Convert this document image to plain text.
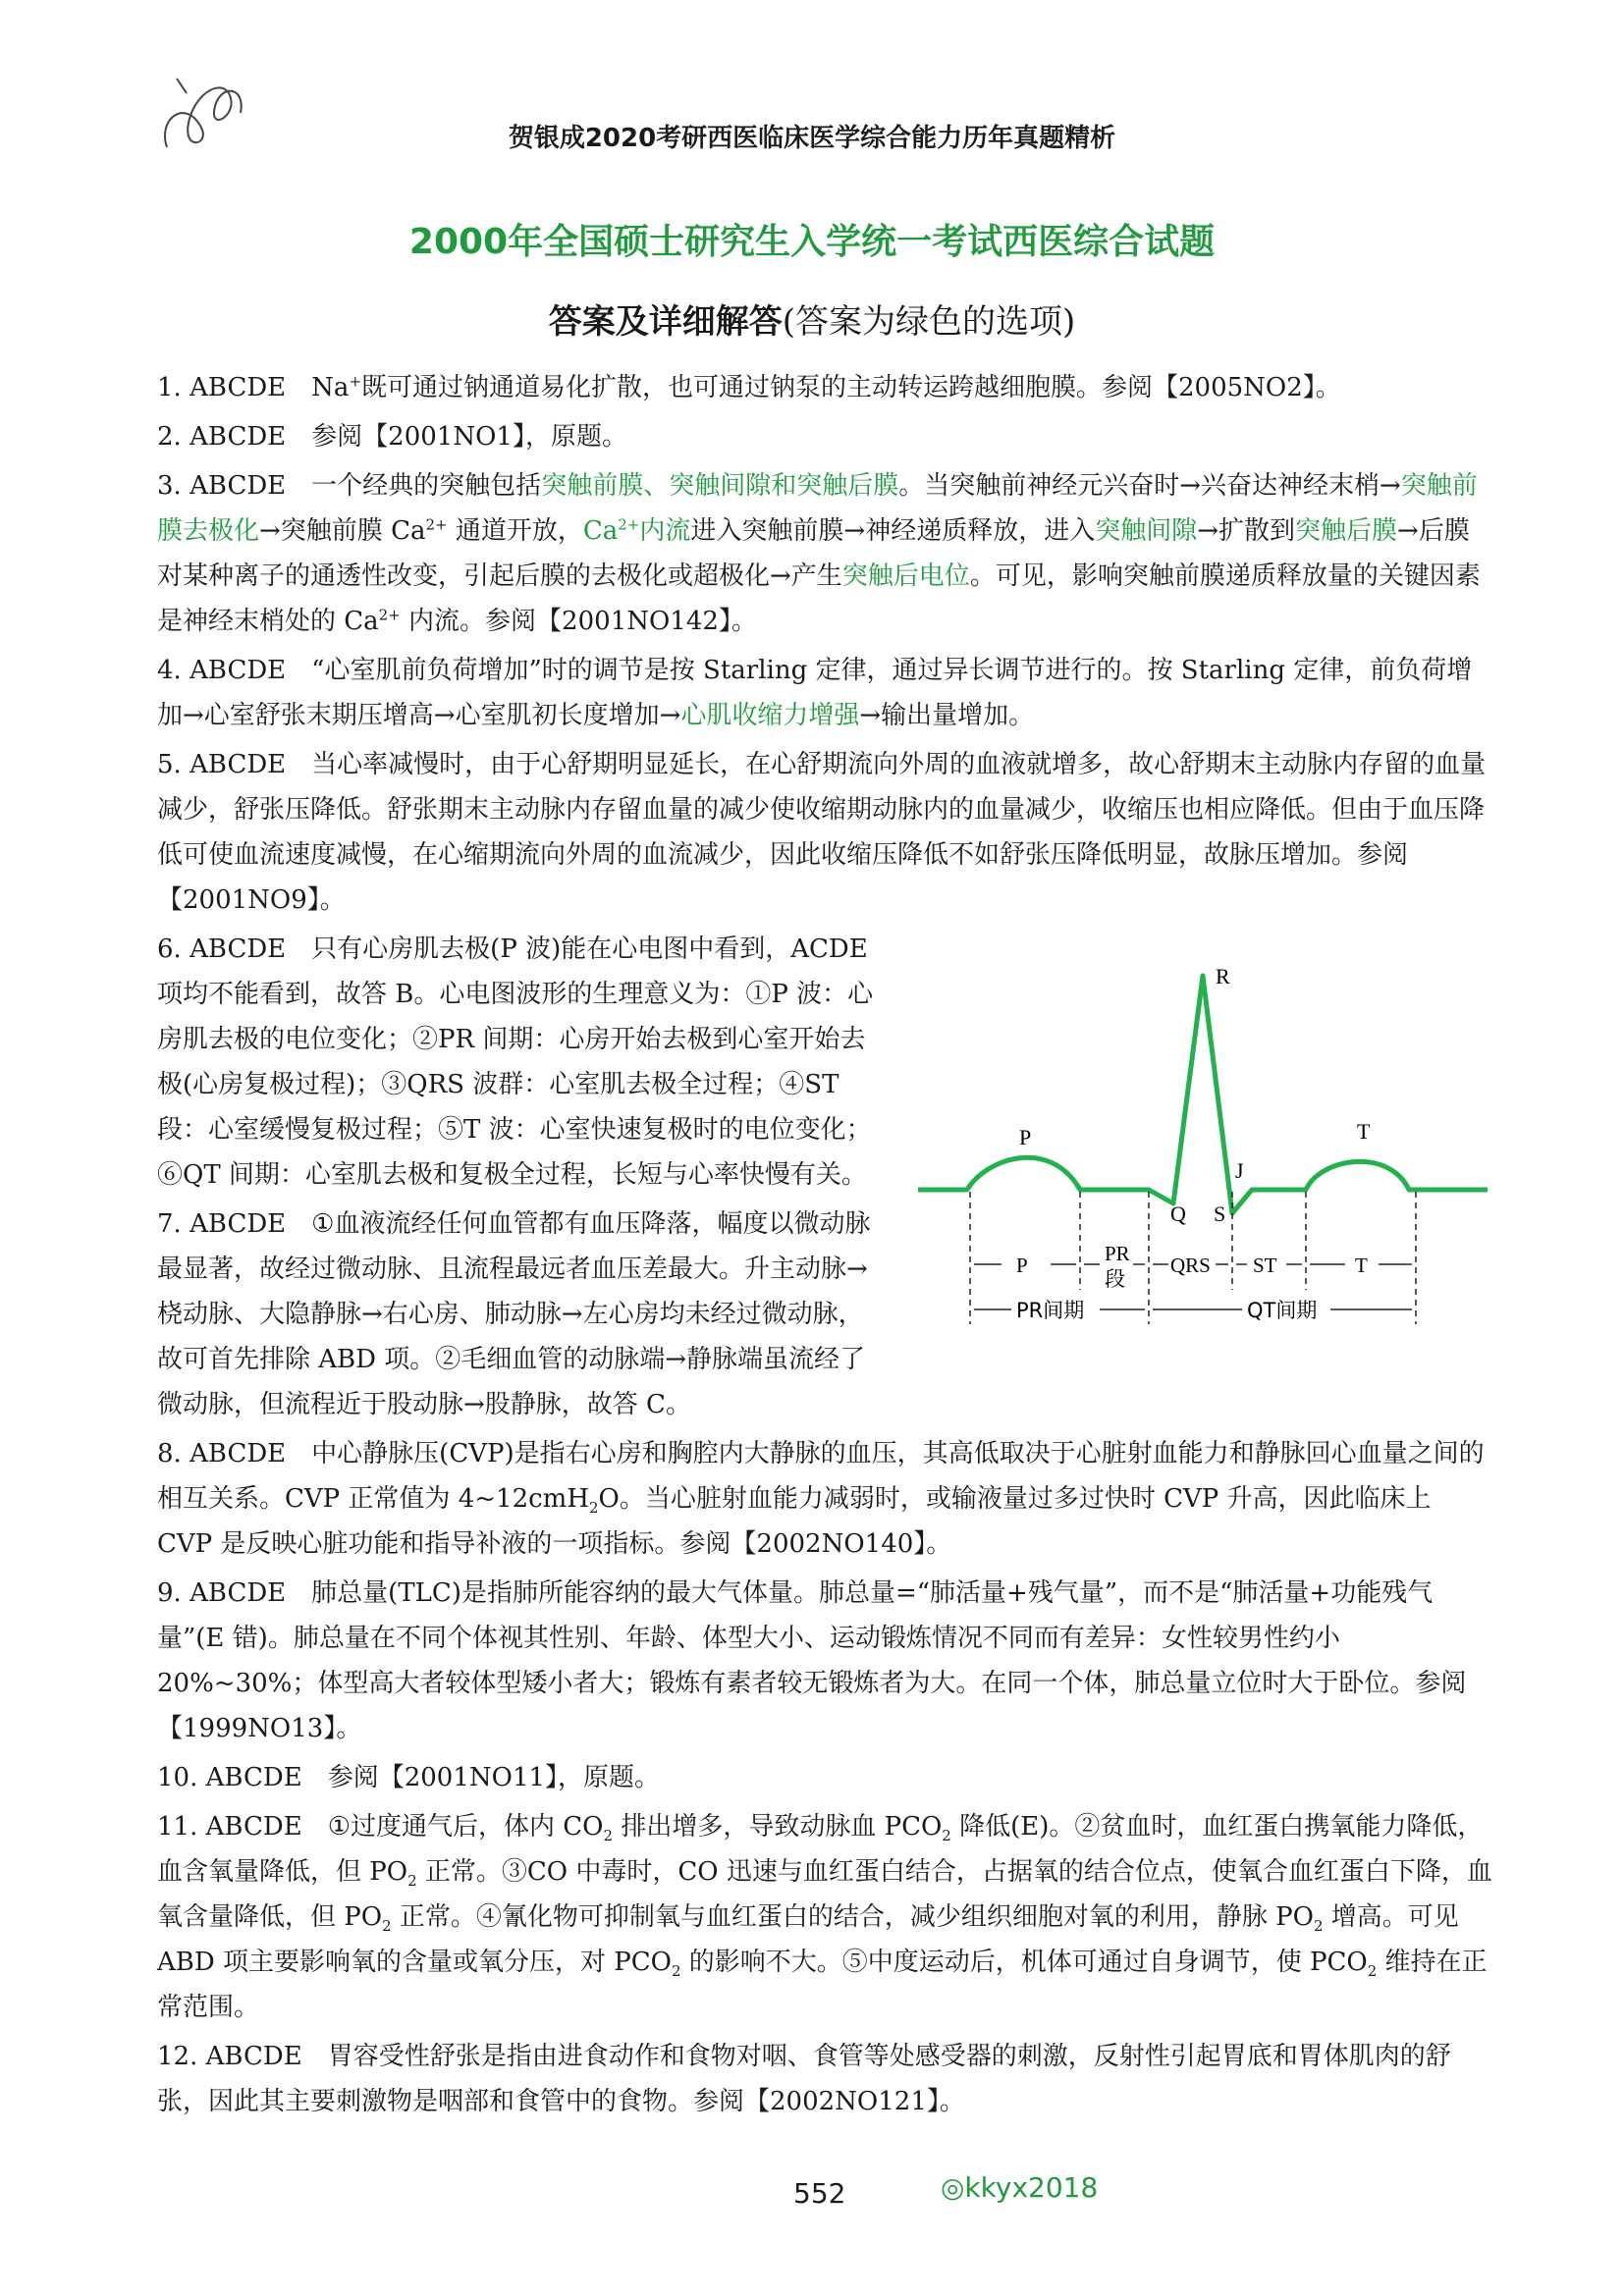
贺银成2020考研西医临床医学综合能力历年真题精析
2000年全国硕士研究生入学统一考试西医综合试题
答案及详细解答(答案为绿色的选项)
1. ABCDE Na+既可通过钠通道易化扩散，也可通过钠泵的主动转运跨越细胞膜。参阅【2005NO2】。
2. ABCDE 参阅【2001NO1】，原题。
3. ABCDE 一个经典的突触包括突触前膜、突触间隙和突触后膜。当突触前神经元兴奋时→兴奋达神经末梢→突触前膜去极化→突触前膜 $Ca^{2+}$ 通道开放，$Ca^{2+}$内流进入突触前膜→神经递质释放，进入突触间隙→扩散到突触后膜→后膜对某种离子的通透性改变，引起后膜的去极化或超极化→产生突触后电位。可见，影响突触前膜递质释放量的关键因素是神经末梢处的 $Ca^{2+}$ 内流。参阅【2001NO142】。
4. ABCDE “心室肌前负荷增加”时的调节是按 Starling 定律，通过异长调节进行的。按 Starling 定律，前负荷增加→心室舒张末期压增高→心室肌初长度增加→心肌收缩力增强→输出量增加。
5. ABCDE 当心率减慢时，由于心舒期明显延长，在心舒期流向外周的血液就增多，故心舒期末主动脉内存留的血量减少，舒张压降低。舒张期末主动脉内存留血量的减少使收缩期动脉内的血量减少，收缩压也相应降低。但由于血压降低可使血流速度减慢，在心缩期流向外周的血流减少，因此收缩压降低不如舒张压降低明显，故脉压增加。参阅【2001NO9】。
6. ABCDE 只有心房肌去极(P 波)能在心电图中看到，ACDE 项均不能看到，故答 B。心电图波形的生理意义为：①P 波：心房肌去极的电位变化；②PR 间期：心房开始去极到心室开始去极(心房复极过程)；③QRS 波群：心室肌去极全过程；④ST 段：心室缓慢复极过程；⑤T 波：心室快速复极时的电位变化；⑥QT 间期：心室肌去极和复极全过程，长短与心率快慢有关。
7. ABCDE ①血液流经任何血管都有血压降落，幅度以微动脉最显著，故经过微动脉、且流程最远者血压差最大。升主动脉→桡动脉、大隐静脉→右心房、肺动脉→左心房均未经过微动脉，故可首先排除 ABD 项。②毛细血管的动脉端→静脉端虽流经了微动脉，但流程近于股动脉→股静脉，故答 C。
R
P	T
Q S
J
P	PR
段
QRS ST	T
PR间期	QT间期
8. ABCDE 中心静脉压(CVP)是指右心房和胸腔内大静脉的血压，其高低取决于心脏射血能力和静脉回心血量之间的相互关系。CVP 正常值为 4~12cmH$_2$O。当心脏射血能力减弱时，或输液量过多过快时 CVP 升高，因此临床上 CVP 是反映心脏功能和指导补液的一项指标。参阅【2002NO140】。
9. ABCDE 肺总量(TLC)是指肺所能容纳的最大气体量。肺总量=“肺活量+残气量”，而不是“肺活量+功能残气量”(E 错)。肺总量在不同个体视其性别、年龄、体型大小、运动锻炼情况不同而有差异：女性较男性约小 20%~30%；体型高大者较体型矮小者大；锻炼有素者较无锻炼者为大。在同一个体，肺总量立位时大于卧位。参阅【1999NO13】。
10. ABCDE 参阅【2001NO11】，原题。
11. ABCDE ①过度通气后，体内 $CO_2$ 排出增多，导致动脉血 $PCO_2$ 降低(E)。②贫血时，血红蛋白携氧能力降低，血含氧量降低，但 $PO_2$ 正常。③CO 中毒时，CO 迅速与血红蛋白结合，占据氧的结合位点，使氧合血红蛋白下降，血氧含量降低，但 $PO_2$ 正常。④氰化物可抑制氧与血红蛋白的结合，减少组织细胞对氧的利用，静脉 $PO_2$ 增高。可见 ABD 项主要影响氧的含量或氧分压，对 $PCO_2$ 的影响不大。⑤中度运动后，机体可通过自身调节，使 $PCO_2$ 维持在正常范围。
12. ABCDE 胃容受性舒张是指由进食动作和食物对咽、食管等处感受器的刺激，反射性引起胃底和胃体肌肉的舒张，因此其主要刺激物是咽部和食管中的食物。参阅【2002NO121】。
552	◎kkyx2018
